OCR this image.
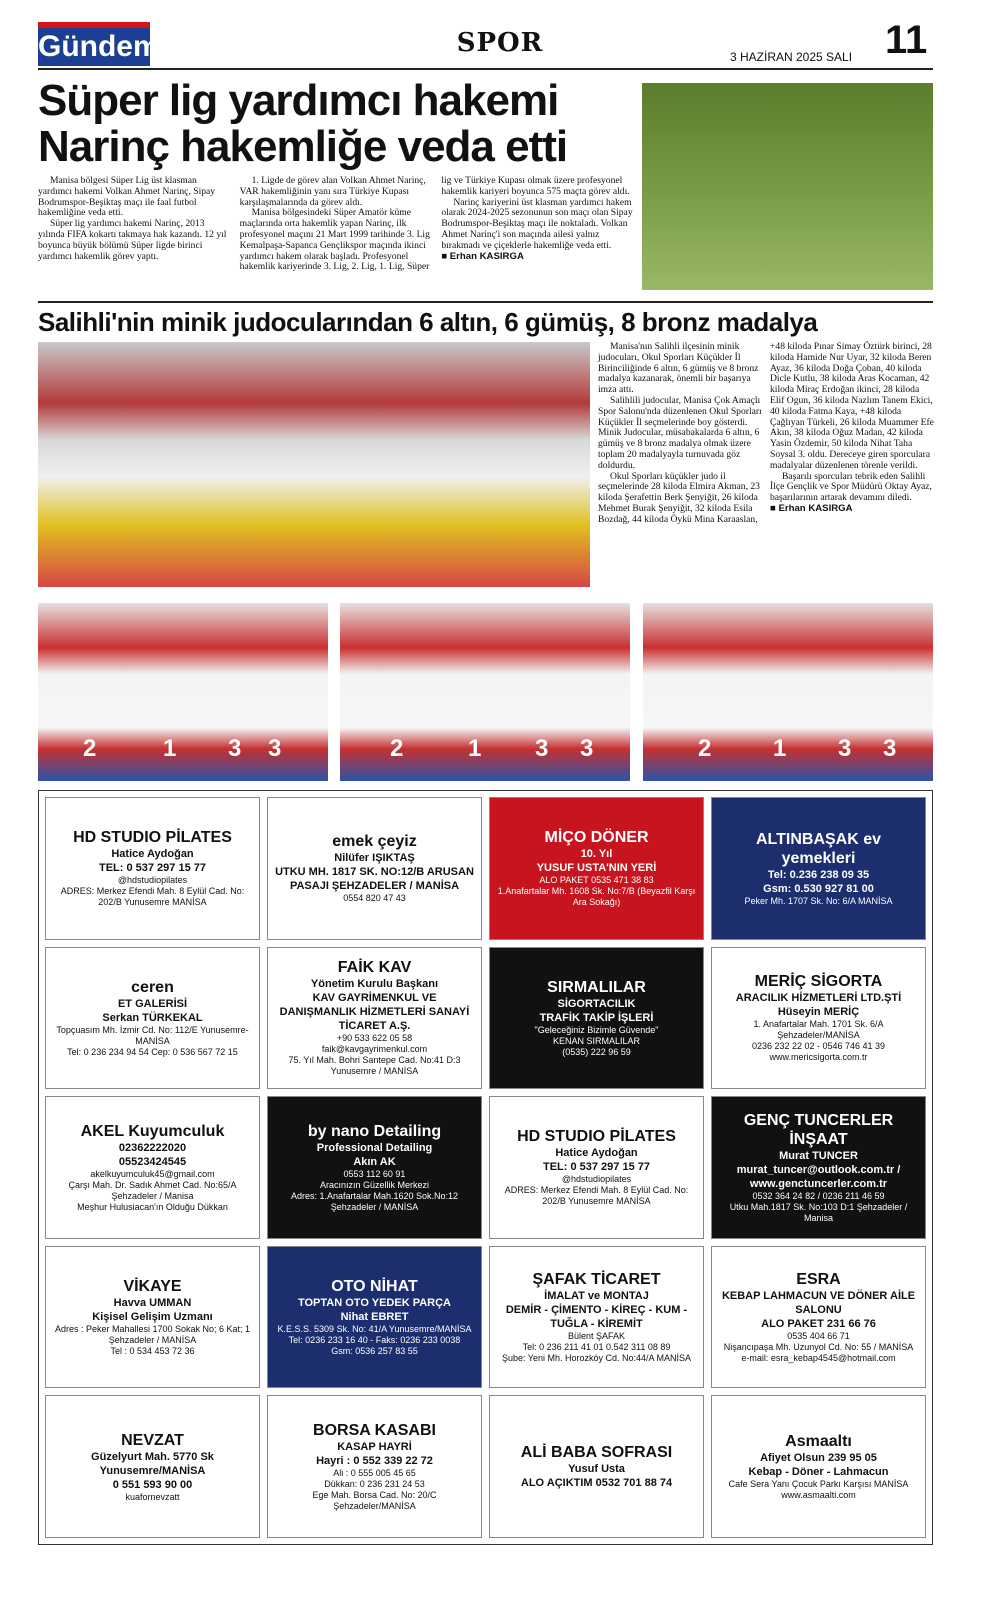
Gündem	SPOR	3 HAZİRAN 2025 SALI 11
Süper lig yardımcı hakemi Narinç hakemliğe veda etti

Manisa bölgesi Süper Lig üst klasman yardımcı hakemi Volkan Ahmet Narinç, Sipay Bodrumspor-Beşiktaş maçı ile faal futbol hakemliğine veda etti.

Süper lig yardımcı hakemi Narinç, 2013 yılında FIFA kokartı takmaya hak kazandı. 12 yıl boyunca büyük bölümü Süper ligde birinci yardımcı hakemlik görev yaptı.

1. Ligde de görev alan Volkan Ahmet Narinç, VAR hakemliğinin yanı sıra Türkiye Kupası karşılaşmalarında da görev aldı.

Manisa bölgesindeki Süper Amatör küme maçlarında orta hakemlik yapan Narinç, ilk profesyonel maçını 21 Mart 1999 tarihinde 3. Lig Kemalpaşa-Sapanca Gençlikspor maçında ikinci yardımcı hakem olarak başladı. Profesyonel hakemlik kariyerinde 3. Lig, 2. Lig, 1. Lig, Süper lig ve Türkiye Kupası olmak üzere profesyonel hakemlik kariyeri boyunca 575 maçta görev aldı.

Narinç kariyerini üst klasman yardımcı hakem olarak 2024-2025 sezonunun son maçı olan Sipay Bodrumspor-Beşiktaş maçı ile noktaladı. Volkan Ahmet Narinç'i son maçında ailesi yalnız bırakmadı ve çiçeklerle hakemliğe veda etti.

■ Erhan KASIRGA
Salihli'nin minik judocularından 6 altın, 6 gümüş, 8 bronz madalya

Manisa'nın Salihli ilçesinin minik judocuları, Okul Sporları Küçükler İl Birinciliğinde 6 altın, 6 gümüş ve 8 bronz madalya kazanarak, önemli bir başarıya imza attı.

Salihlili judocular, Manisa Çok Amaçlı Spor Salonu'nda düzenlenen Okul Sporları Küçükler İl seçmelerinde boy gösterdi. Minik Judocular, müsabakalarda 6 altın, 6 gümüş ve 8 bronz madalya olmak üzere toplam 20 madalyayla turnuvada göz doldurdu.

Okul Sporları küçükler judo il seçmelerinde 28 kiloda Elmira Akman, 23 kiloda Şerafettin Berk Şenyiğit, 26 kiloda Mehmet Burak Şenyiğit, 32 kiloda Esila Bozdağ, 44 kiloda Öykü Mina Karaaslan, +48 kiloda Pınar Simay Öztürk birinci, 28 kiloda Hamide Nur Uyar, 32 kiloda Beren Ayaz, 36 kiloda Doğa Çoban, 40 kiloda Dicle Kutlu, 38 kiloda Aras Kocaman, 42 kiloda Miraç Erdoğan ikinci, 28 kiloda Elif Ogun, 36 kiloda Nazlım Tanem Ekici, 40 kiloda Fatma Kaya, +48 kiloda Çağlıyan Türkeli, 26 kiloda Muammer Efe Akın, 38 kiloda Oğuz Madan, 42 kiloda Yasin Özdemir, 50 kiloda Nihat Taha Soysal 3. oldu. Dereceye giren sporculara madalyalar düzenlenen törenle verildi.

Başarılı sporcuları tebrik eden Salihli İlçe Gençlik ve Spor Müdürü Oktay Ayaz, başarılarının artarak devamını diledi.

■ Erhan KASIRGA
2	1 3 3	2	1 3 3	2	1 3 3
HD STUDIO PİLATES
Hatice Aydoğan
TEL: 0 537 297 15 77
@hdstudiopilates
ADRES: Merkez Efendi Mah. 8 Eylül Cad. No: 202/B Yunusemre MANİSA
emek çeyiz
Nilüfer IŞIKTAŞ
UTKU MH. 1817 SK. NO:12/B ARUSAN PASAJI ŞEHZADELER / MANİSA
0554 820 47 43
MİÇO DÖNER
10. Yıl
YUSUF USTA'NIN YERİ
ALO PAKET 0535 471 38 83
1.Anafartalar Mh. 1608 Sk. No:7/B (Beyazfil Karşı Ara Sokağı)
ALTINBAŞAK ev yemekleri
Tel: 0.236 238 09 35
Gsm: 0.530 927 81 00
Peker Mh. 1707 Sk. No: 6/A MANİSA
ceren
ET GALERİSİ
Serkan TÜRKEKAL
Topçuasım Mh. İzmir Cd. No: 112/E Yunusemre-MANİSA
Tel: 0 236 234 94 54 Cep: 0 536 567 72 15
FAİK KAV
Yönetim Kurulu Başkanı
KAV GAYRİMENKUL VE DANIŞMANLIK HİZMETLERİ SANAYİ TİCARET A.Ş.
+90 533 622 05 58
faik@kavgayrimenkul.com
75. Yıl Mah. Bohri Santepe Cad. No:41 D:3 Yunusemre / MANİSA
SIRMALILAR
SİGORTACILIK
TRAFİK TAKİP İŞLERİ
"Geleceğiniz Bizimle Güvende"
KENAN SIRMALILAR
(0535) 222 96 59
MERİÇ SİGORTA
ARACILIK HİZMETLERİ LTD.ŞTİ
Hüseyin MERİÇ
1. Anafartalar Mah. 1701 Sk. 6/A Şehzadeler/MANİSA
0236 232 22 02 - 0546 746 41 39
www.mericsigorta.com.tr
AKEL Kuyumculuk
02362222020
05523424545
akelkuyumculuk45@gmail.com
Çarşı Mah. Dr. Sadık Ahmet Cad. No:65/A Şehzadeler / Manisa
Meşhur Hulusiacan'ın Olduğu Dükkan
by nano Detailing
Professional Detailing
Akın AK
0553 112 60 91
Aracınızın Güzellik Merkezi
Adres: 1.Anafartalar Mah.1620 Sok.No:12 Şehzadeler / MANİSA
HD STUDIO PİLATES
Hatice Aydoğan
TEL: 0 537 297 15 77
@hdstudiopilates
ADRES: Merkez Efendi Mah. 8 Eylül Cad. No: 202/B Yunusemre MANİSA
GENÇ TUNCERLER İNŞAAT
Murat TUNCER
murat_tuncer@outlook.com.tr / www.genctuncerler.com.tr
0532 364 24 82 / 0236 211 46 59
Utku Mah.1817 Sk. No:103 D:1 Şehzadeler / Manisa
VİKAYE
Havva UMMAN
Kişisel Gelişim Uzmanı
Adres : Peker Mahallesi 1700 Sokak No; 6 Kat; 1 Şehzadeler / MANİSA
Tel : 0 534 453 72 36
OTO NİHAT
TOPTAN OTO YEDEK PARÇA
Nihat EBRET
K.E.S.S. 5309 Sk. No: 41/A Yunusemre/MANİSA
Tel: 0236 233 16 40 - Faks: 0236 233 0038
Gsm: 0536 257 83 55
ŞAFAK TİCARET
İMALAT ve MONTAJ
DEMİR - ÇİMENTO - KİREÇ - KUM - TUĞLA - KİREMİT
Bülent ŞAFAK
Tel: 0 236 211 41 01 0.542 311 08 89
Şube: Yeni Mh. Horozköy Cd. No:44/A MANİSA
ESRA
KEBAP LAHMACUN VE DÖNER AİLE SALONU
ALO PAKET 231 66 76
0535 404 66 71
Nişancıpaşa Mh. Uzunyol Cd. No: 55 / MANİSA
e-mail: esra_kebap4545@hotmail.com
NEVZAT
Güzelyurt Mah. 5770 Sk Yunusemre/MANİSA
0 551 593 90 00
kuafornevzatt
BORSA KASABI
KASAP HAYRİ
Hayri : 0 552 339 22 72
Ali : 0 555 005 45 65
Dükkan: 0 236 231 24 53
Ege Mah. Borsa Cad. No: 20/C Şehzadeler/MANİSA
ALİ BABA SOFRASI
Yusuf Usta
ALO AÇIKTIM 0532 701 88 74
Asmaaltı
Afiyet Olsun 239 95 05
Kebap - Döner - Lahmacun
Cafe Sera Yanı Çocuk Parkı Karşısı MANİSA
www.asmaalti.com
